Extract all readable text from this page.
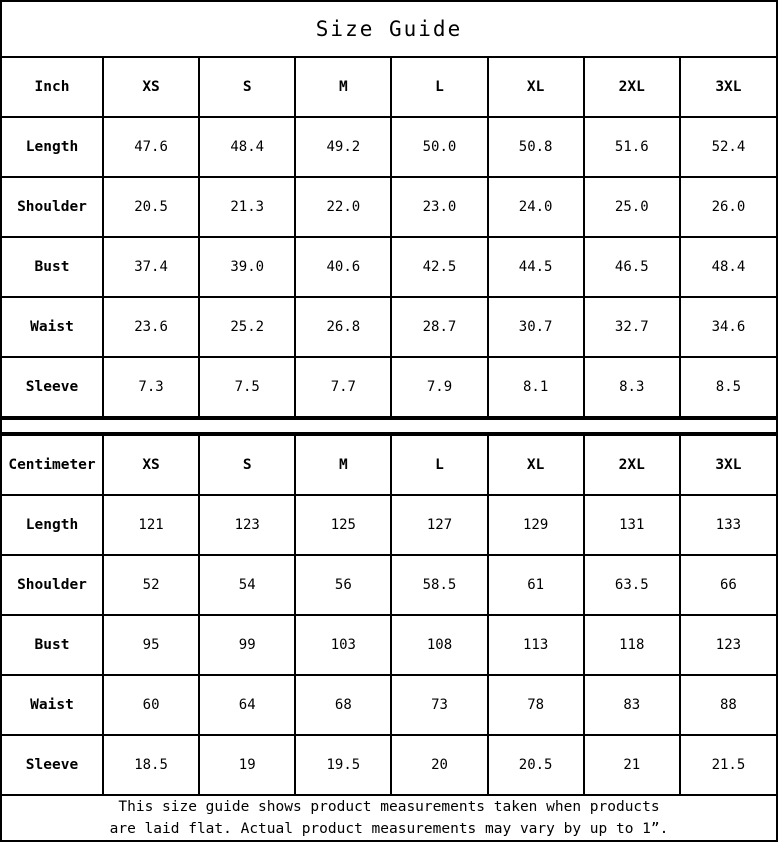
Size Guide
Inch	XS	S	M	L	XL	2XL	3XL
Length	47.6	48.4	49.2	50.0	50.8	51.6	52.4
Shoulder	20.5	21.3	22.0	23.0	24.0	25.0	26.0
Bust	37.4	39.0	40.6	42.5	44.5	46.5	48.4
Waist	23.6	25.2	26.8	28.7	30.7	32.7	34.6
Sleeve	7.3	7.5	7.7	7.9	8.1	8.3	8.5
Centimeter	XS	S	M	L	XL	2XL	3XL
Length	121	123	125	127	129	131	133
Shoulder	52	54	56	58.5	61	63.5	66
Bust	95	99	103	108	113	118	123
Waist	60	64	68	73	78	83	88
Sleeve	18.5	19	19.5	20	20.5	21	21.5
This size guide shows product measurements taken when products
are laid flat. Actual product measurements may vary by up to 1”.
